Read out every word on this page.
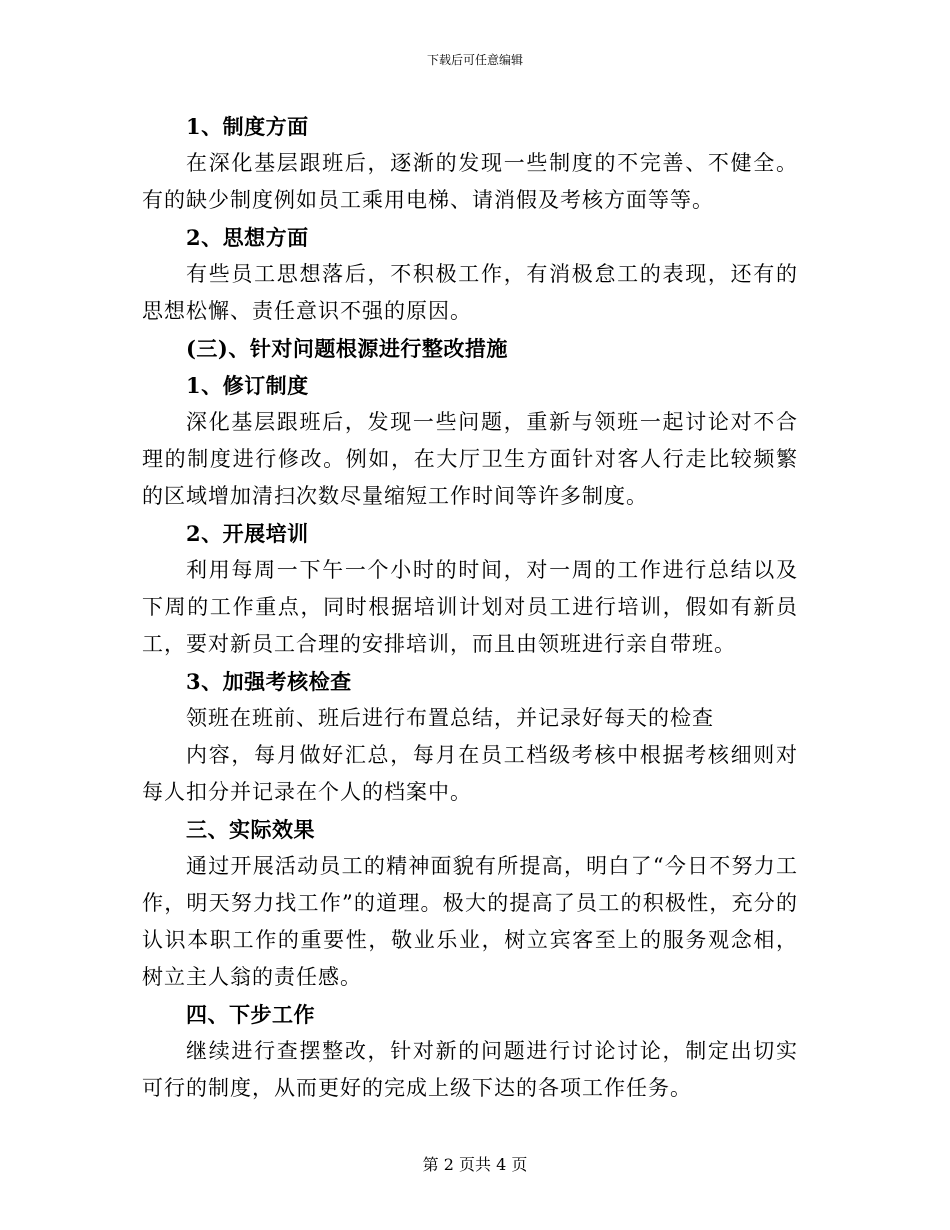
下载后可任意编辑

1、制度方面

在深化基层跟班后，逐渐的发现一些制度的不完善、不健全。有的缺少制度例如员工乘用电梯、请消假及考核方面等等。

2、思想方面

有些员工思想落后，不积极工作，有消极怠工的表现，还有的思想松懈、责任意识不强的原因。

(三)、针对问题根源进行整改措施

1、修订制度

深化基层跟班后，发现一些问题，重新与领班一起讨论对不合理的制度进行修改。例如，在大厅卫生方面针对客人行走比较频繁的区域增加清扫次数尽量缩短工作时间等许多制度。

2、开展培训

利用每周一下午一个小时的时间，对一周的工作进行总结以及下周的工作重点，同时根据培训计划对员工进行培训，假如有新员工，要对新员工合理的安排培训，而且由领班进行亲自带班。

3、加强考核检查

领班在班前、班后进行布置总结，并记录好每天的检查

内容，每月做好汇总，每月在员工档级考核中根据考核细则对每人扣分并记录在个人的档案中。

三、实际效果

通过开展活动员工的精神面貌有所提高，明白了“今日不努力工作，明天努力找工作”的道理。极大的提高了员工的积极性，充分的认识本职工作的重要性，敬业乐业，树立宾客至上的服务观念相，树立主人翁的责任感。

四、下步工作

继续进行查摆整改，针对新的问题进行讨论讨论，制定出切实可行的制度，从而更好的完成上级下达的各项工作任务。

第 2 页共 4 页
